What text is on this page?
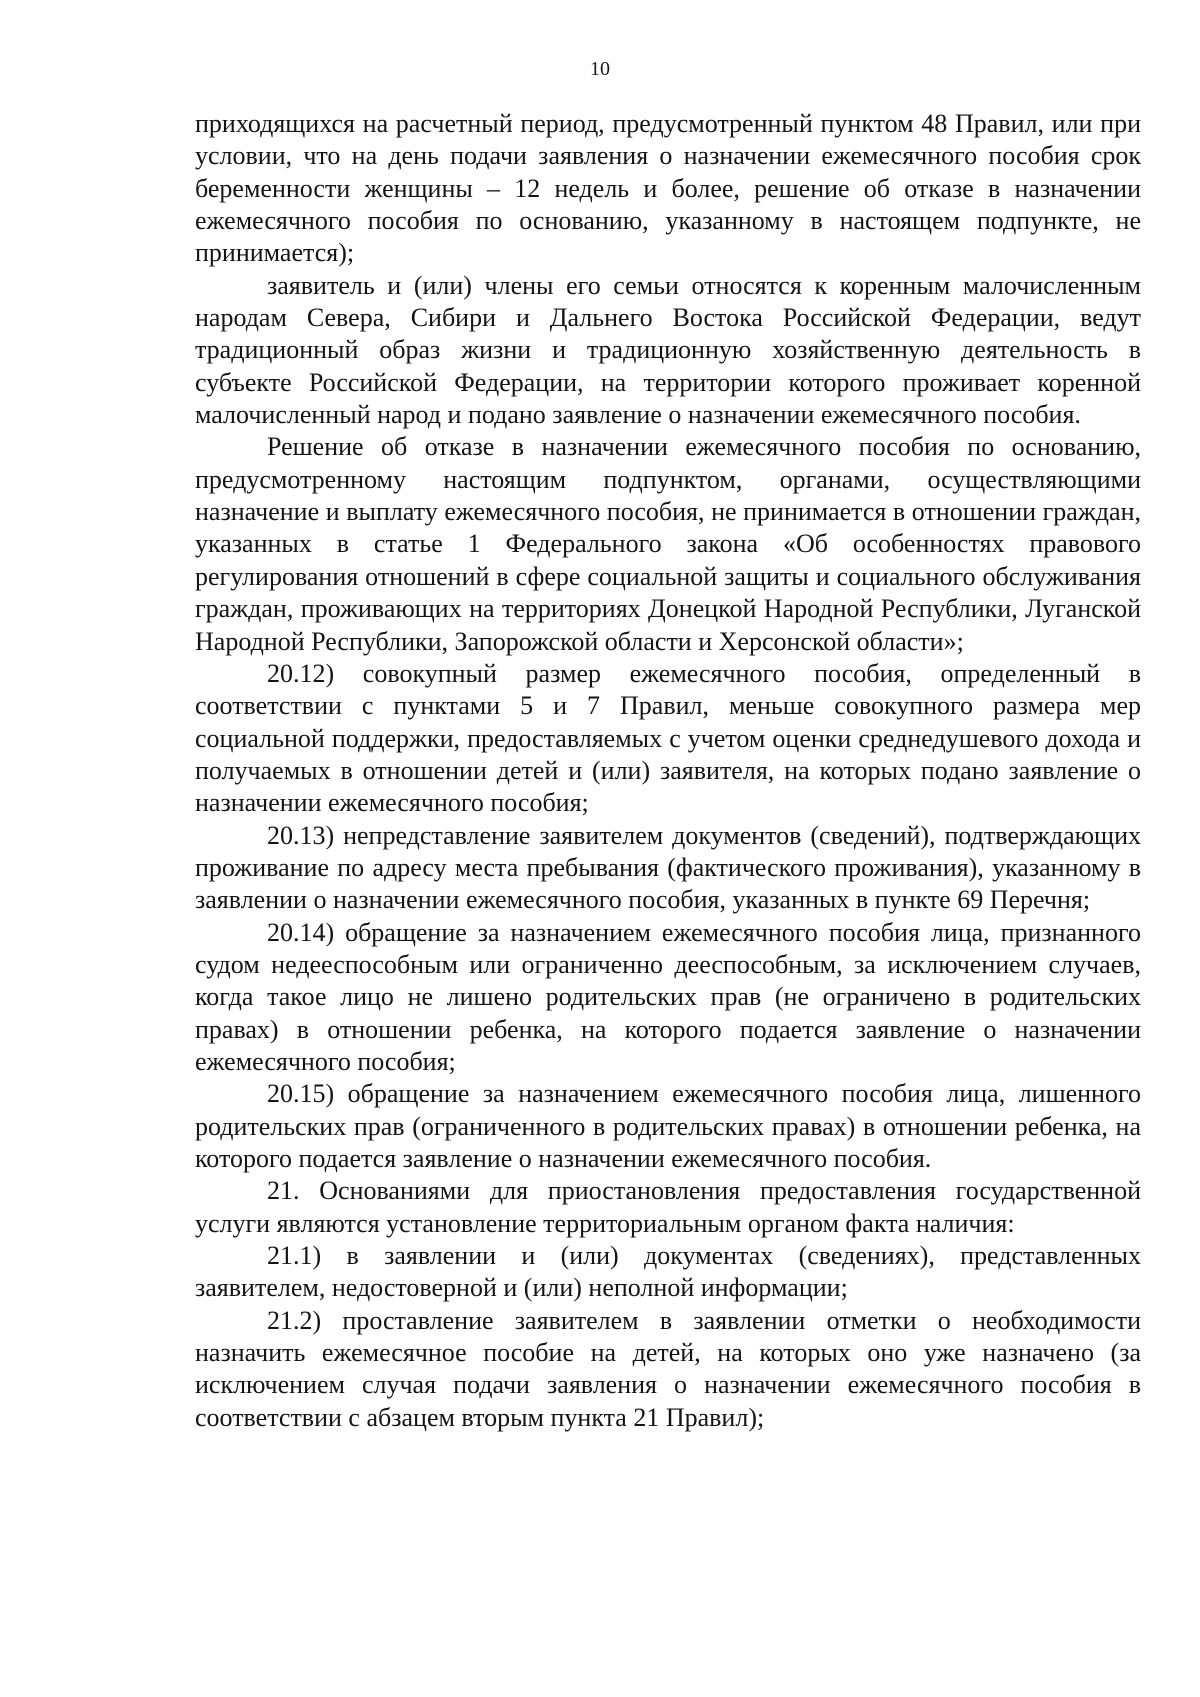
10

приходящихся на расчетный период, предусмотренный пунктом 48 Правил, или при условии, что на день подачи заявления о назначении ежемесячного пособия срок беременности женщины – 12 недель и более, решение об отказе в назначении ежемесячного пособия по основанию, указанному в настоящем подпункте, не принимается);

заявитель и (или) члены его семьи относятся к коренным малочисленным народам Севера, Сибири и Дальнего Востока Российской Федерации, ведут традиционный образ жизни и традиционную хозяйственную деятельность в субъекте Российской Федерации, на территории которого проживает коренной малочисленный народ и подано заявление о назначении ежемесячного пособия.

Решение об отказе в назначении ежемесячного пособия по основанию, предусмотренному настоящим подпунктом, органами, осуществляющими назначение и выплату ежемесячного пособия, не принимается в отношении граждан, указанных в статье 1 Федерального закона «Об особенностях правового регулирования отношений в сфере социальной защиты и социального обслуживания граждан, проживающих на территориях Донецкой Народной Республики, Луганской Народной Республики, Запорожской области и Херсонской области»;

20.12) совокупный размер ежемесячного пособия, определенный в соответствии с пунктами 5 и 7 Правил, меньше совокупного размера мер социальной поддержки, предоставляемых с учетом оценки среднедушевого дохода и получаемых в отношении детей и (или) заявителя, на которых подано заявление о назначении ежемесячного пособия;

20.13) непредставление заявителем документов (сведений), подтверждающих проживание по адресу места пребывания (фактического проживания), указанному в заявлении о назначении ежемесячного пособия, указанных в пункте 69 Перечня;

20.14) обращение за назначением ежемесячного пособия лица, признанного судом недееспособным или ограниченно дееспособным, за исключением случаев, когда такое лицо не лишено родительских прав (не ограничено в родительских правах) в отношении ребенка, на которого подается заявление о назначении ежемесячного пособия;

20.15) обращение за назначением ежемесячного пособия лица, лишенного родительских прав (ограниченного в родительских правах) в отношении ребенка, на которого подается заявление о назначении ежемесячного пособия.

21. Основаниями для приостановления предоставления государственной услуги являются установление территориальным органом факта наличия:

21.1) в заявлении и (или) документах (сведениях), представленных заявителем, недостоверной и (или) неполной информации;

21.2) проставление заявителем в заявлении отметки о необходимости назначить ежемесячное пособие на детей, на которых оно уже назначено (за исключением случая подачи заявления о назначении ежемесячного пособия в соответствии с абзацем вторым пункта 21 Правил);
